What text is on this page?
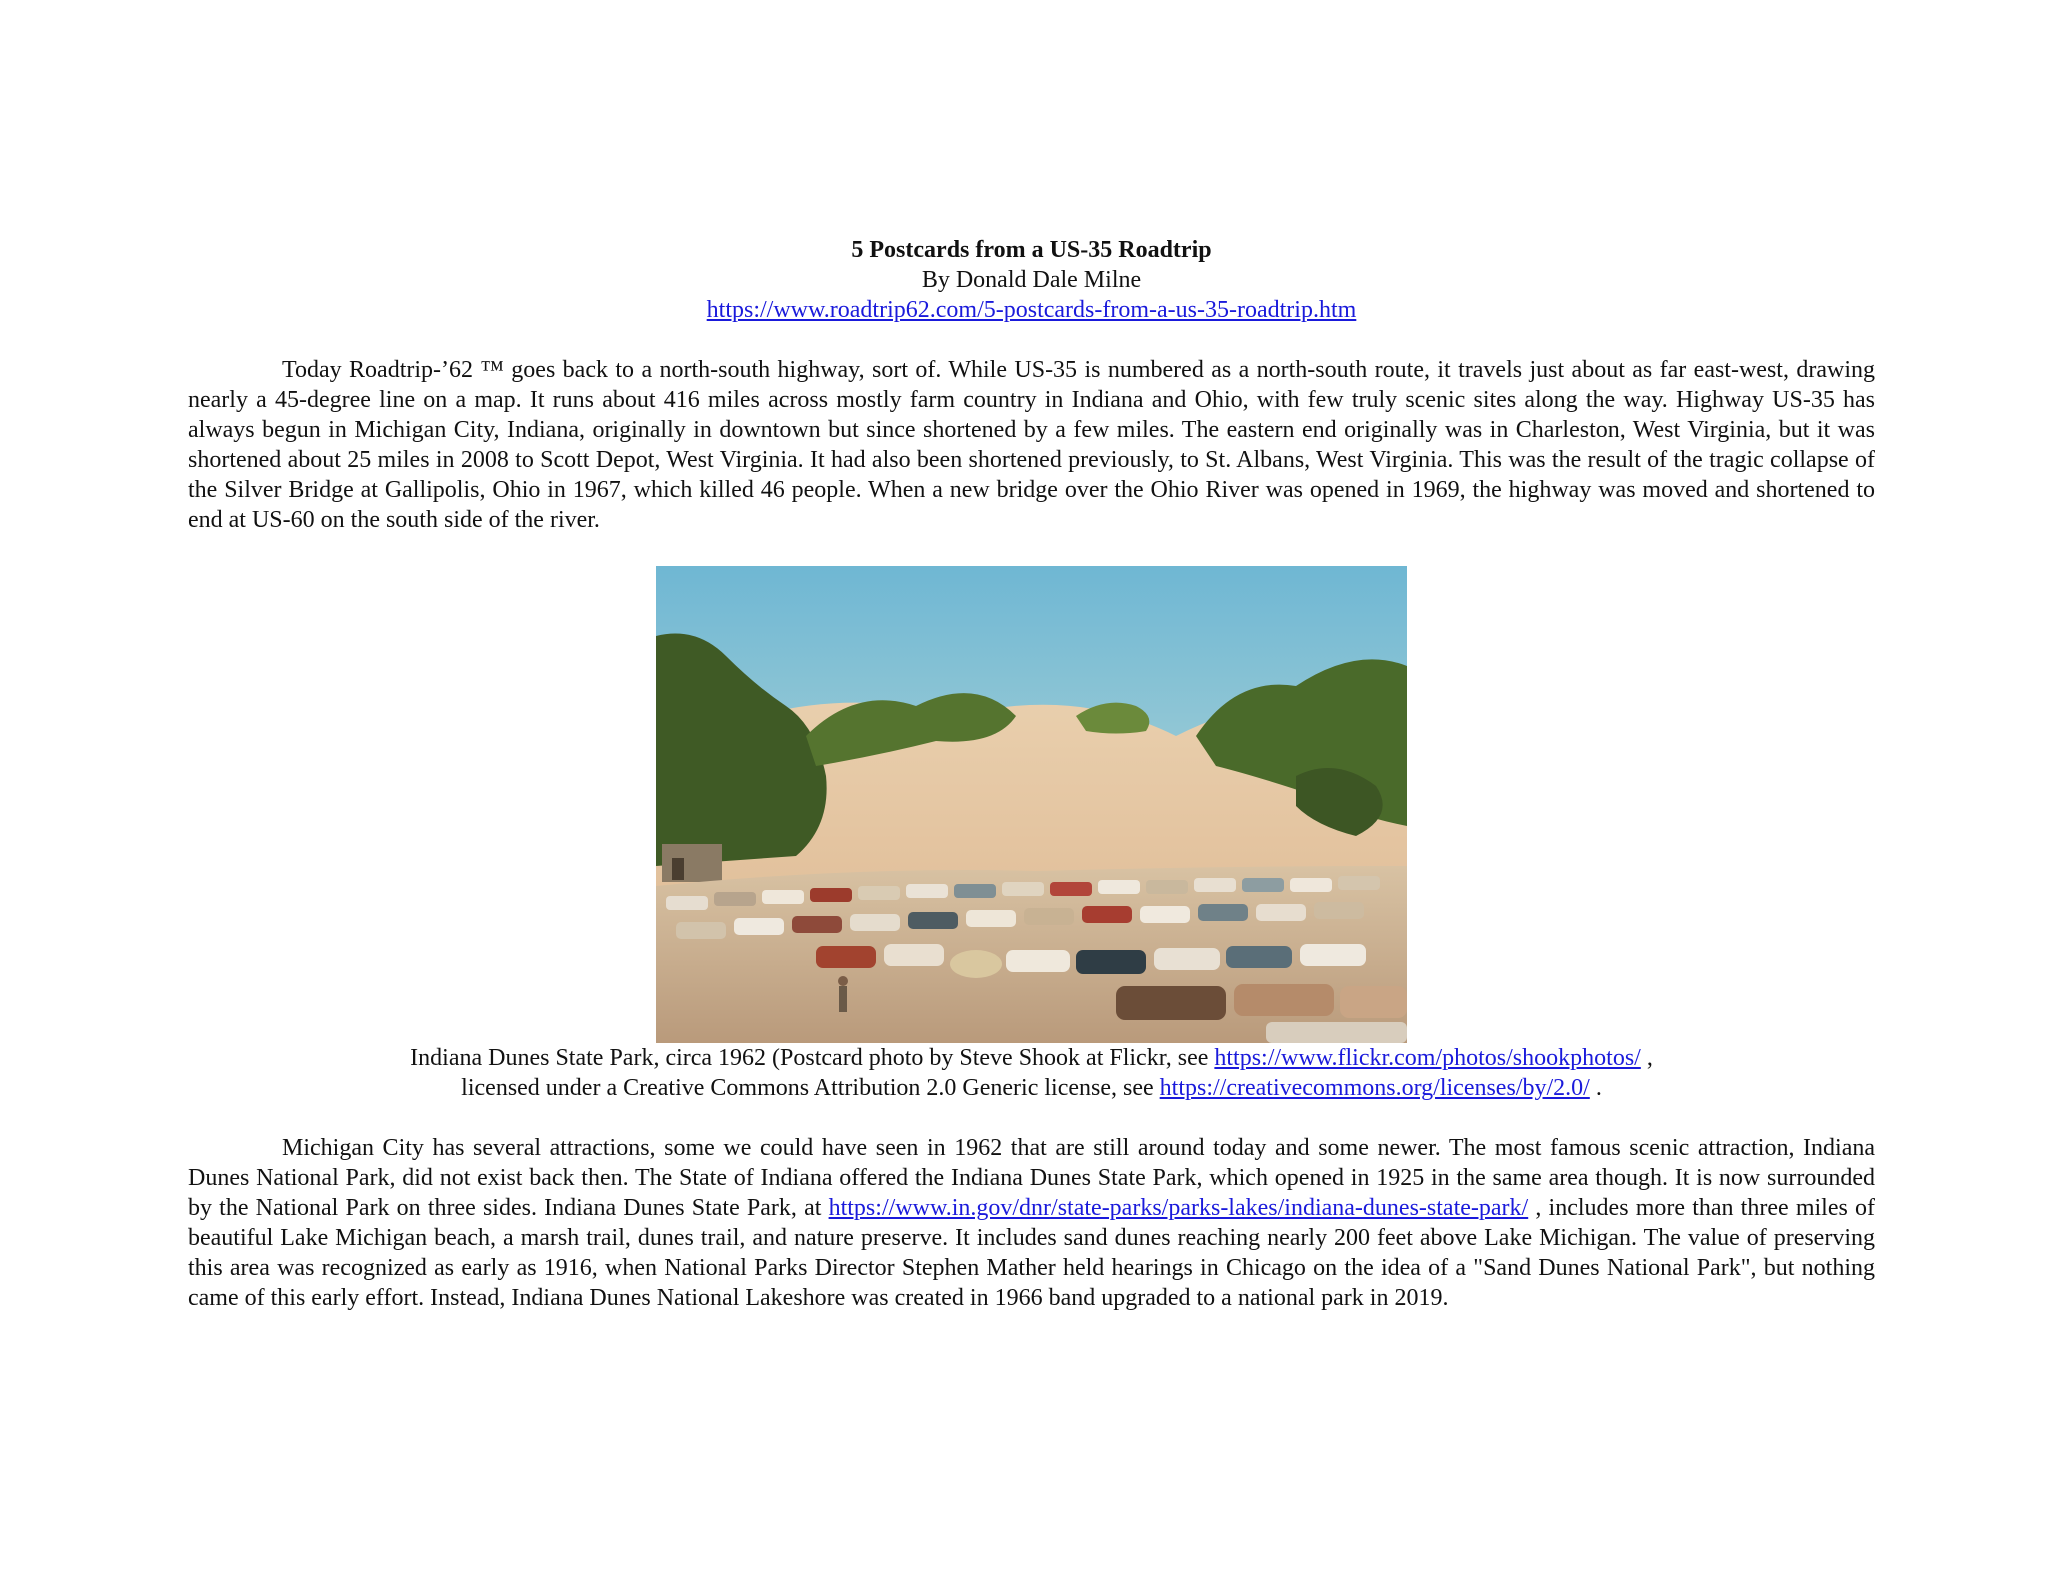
5 Postcards from a US-35 Roadtrip
By Donald Dale Milne
https://www.roadtrip62.com/5-postcards-from-a-us-35-roadtrip.htm

Today Roadtrip-’62 ™ goes back to a north-south highway, sort of. While US-35 is numbered as a north-south route, it travels just about as far east-west, drawing nearly a 45-degree line on a map. It runs about 416 miles across mostly farm country in Indiana and Ohio, with few truly scenic sites along the way. Highway US-35 has always begun in Michigan City, Indiana, originally in downtown but since shortened by a few miles. The eastern end originally was in Charleston, West Virginia, but it was shortened about 25 miles in 2008 to Scott Depot, West Virginia. It had also been shortened previously, to St. Albans, West Virginia. This was the result of the tragic collapse of the Silver Bridge at Gallipolis, Ohio in 1967, which killed 46 people. When a new bridge over the Ohio River was opened in 1969, the highway was moved and shortened to end at US-60 on the south side of the river.

Indiana Dunes State Park, circa 1962 (Postcard photo by Steve Shook at Flickr, see https://www.flickr.com/photos/shookphotos/ ,
licensed under a Creative Commons Attribution 2.0 Generic license, see https://creativecommons.org/licenses/by/2.0/ .

Michigan City has several attractions, some we could have seen in 1962 that are still around today and some newer. The most famous scenic attraction, Indiana Dunes National Park, did not exist back then. The State of Indiana offered the Indiana Dunes State Park, which opened in 1925 in the same area though. It is now surrounded by the National Park on three sides. Indiana Dunes State Park, at https://www.in.gov/dnr/state-parks/parks-lakes/indiana-dunes-state-park/ , includes more than three miles of beautiful Lake Michigan beach, a marsh trail, dunes trail, and nature preserve. It includes sand dunes reaching nearly 200 feet above Lake Michigan. The value of preserving this area was recognized as early as 1916, when National Parks Director Stephen Mather held hearings in Chicago on the idea of a "Sand Dunes National Park", but nothing came of this early effort. Instead, Indiana Dunes National Lakeshore was created in 1966 band upgraded to a national park in 2019.
